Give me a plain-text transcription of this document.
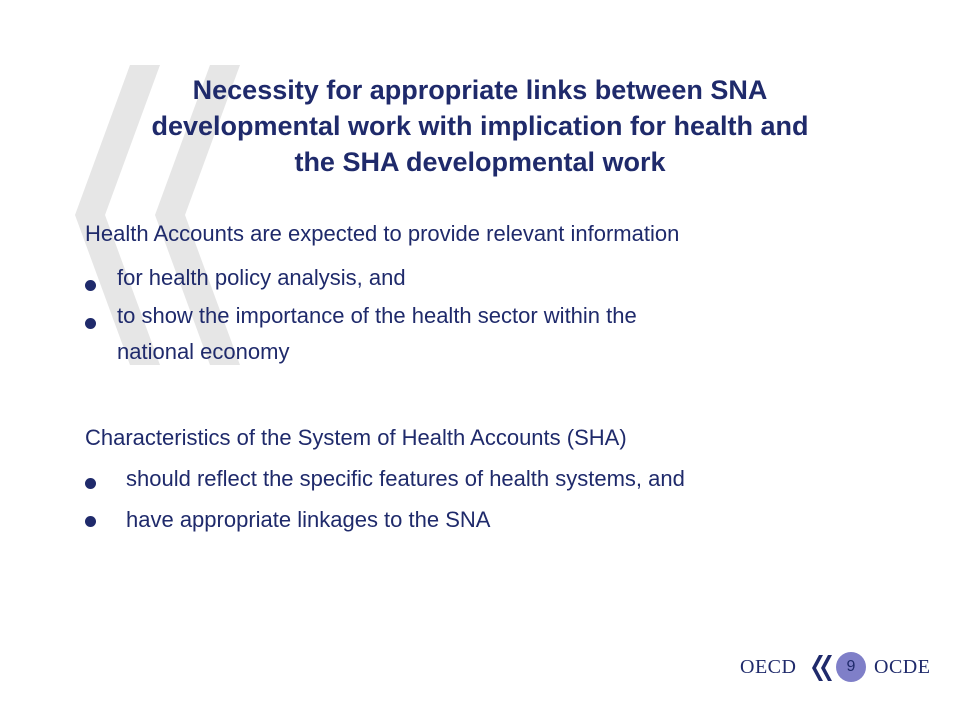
Necessity for appropriate links between SNA
developmental work with implication for health and
the SHA developmental work
Health Accounts are expected to provide relevant information
for health policy analysis, and
to show the importance of the health sector within the
national economy
Characteristics of the System of Health Accounts (SHA)
should reflect the specific features of health systems, and
have appropriate linkages to the SNA
OECD	9 OCDE
